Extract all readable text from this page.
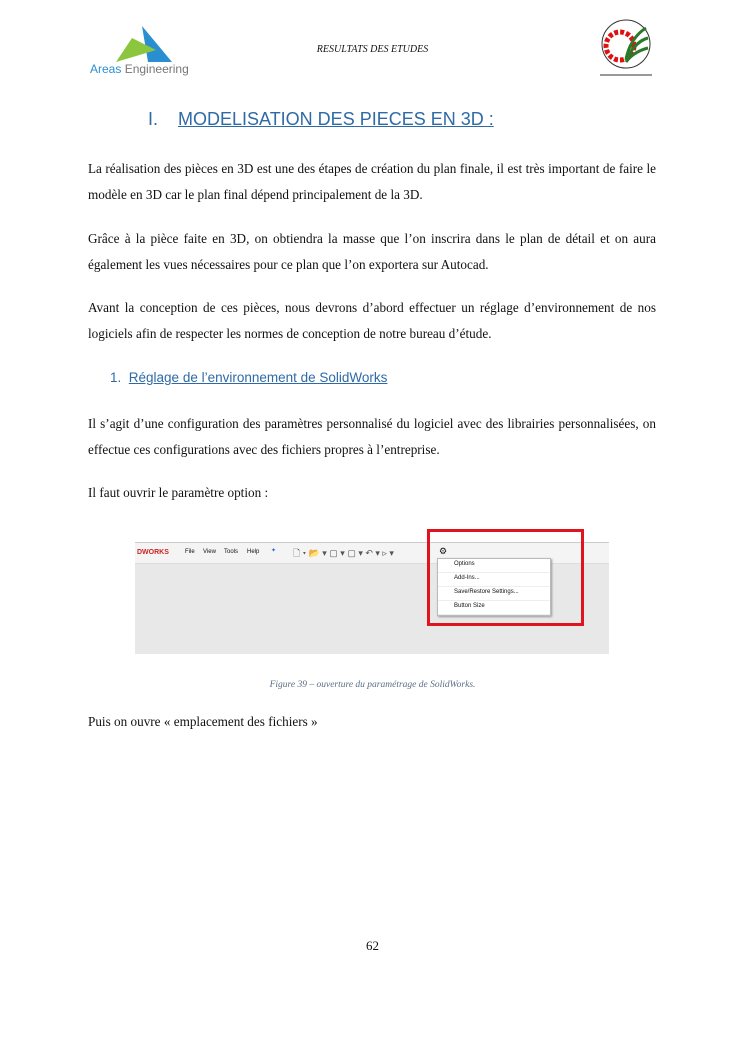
Areas Engineering
RESULTATS DES ETUDES
I. MODELISATION DES PIECES EN 3D :
La réalisation des pièces en 3D est une des étapes de création du plan finale, il est très important de faire le modèle en 3D car le plan final dépend principalement de la 3D.
Grâce à la pièce faite en 3D, on obtiendra la masse que l’on inscrira dans le plan de détail et on aura également les vues nécessaires pour ce plan que l’on exportera sur Autocad.
Avant la conception de ces pièces, nous devrons d’abord effectuer un réglage d’environnement de nos logiciels afin de respecter les normes de conception de notre bureau d’étude.
1. Réglage de l’environnement de SolidWorks
Il s’agit d’une configuration des paramètres personnalisé du logiciel avec des librairies personnalisées, on effectue ces configurations avec des fichiers propres à l’entreprise.
Il faut ouvrir le paramètre option :
DWORKS	File View Tools Help ✦ 🗋 ▾ 📂 ▾ ▢ ▾ ▢ ▾ ↶ ▾ ▹ ▾	⚙
Options
Add-Ins...
Save/Restore Settings...
Button Size
Figure 39 – ouverture du paramétrage de SolidWorks.
Puis on ouvre « emplacement des fichiers »
62
